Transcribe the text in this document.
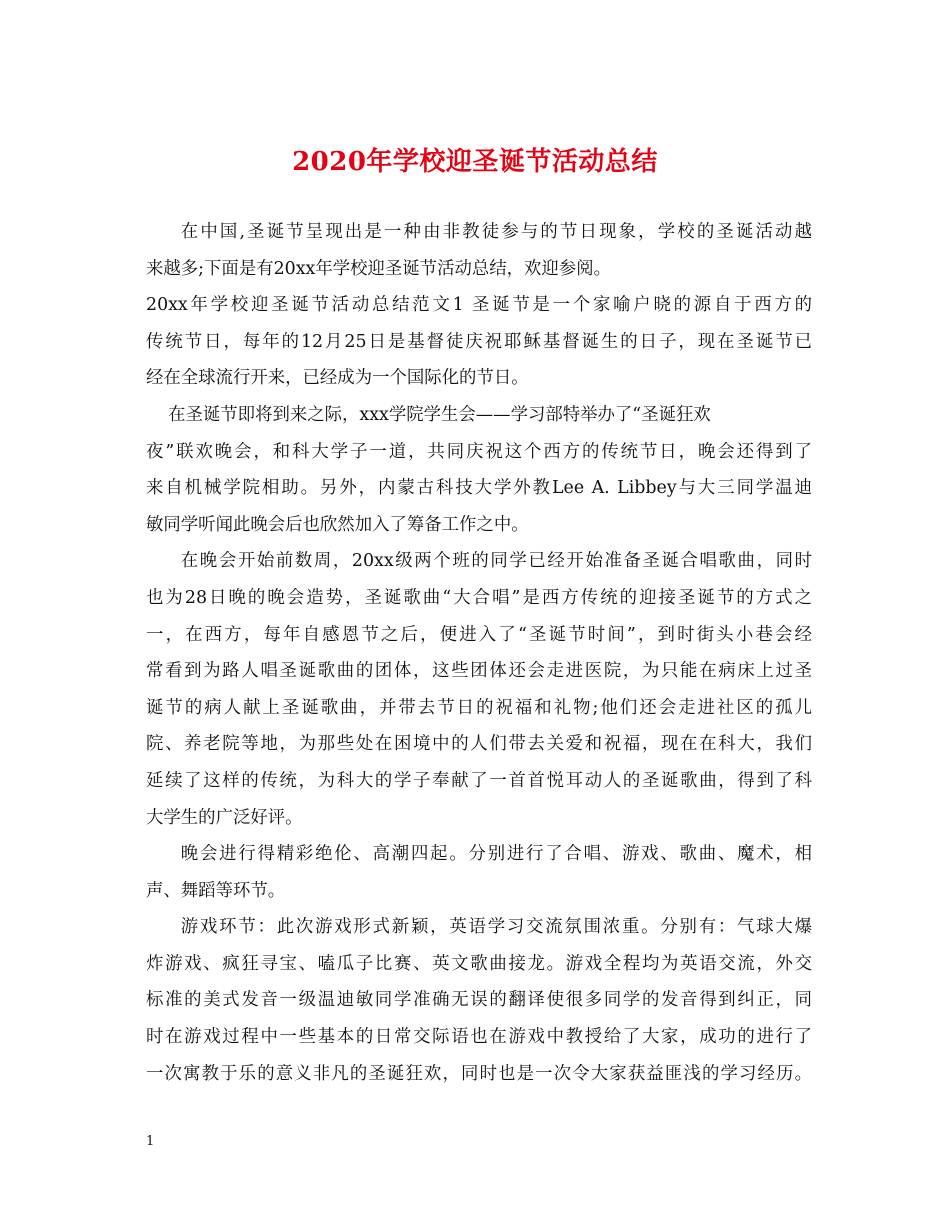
2020年学校迎圣诞节活动总结
在中国,圣诞节呈现出是一种由非教徒参与的节日现象，学校的圣诞活动越
来越多;下面是有20xx年学校迎圣诞节活动总结，欢迎参阅。
20xx年学校迎圣诞节活动总结范文1 圣诞节是一个家喻户晓的源自于西方的
传统节日，每年的12月25日是基督徒庆祝耶稣基督诞生的日子，现在圣诞节已
经在全球流行开来，已经成为一个国际化的节日。
在圣诞节即将到来之际，xxx学院学生会——学习部特举办了“圣诞狂欢
夜”联欢晚会，和科大学子一道，共同庆祝这个西方的传统节日，晚会还得到了
来自机械学院相助。另外，内蒙古科技大学外教Lee A. Libbey与大三同学温迪
敏同学听闻此晚会后也欣然加入了筹备工作之中。
在晚会开始前数周，20xx级两个班的同学已经开始准备圣诞合唱歌曲，同时
也为28日晚的晚会造势，圣诞歌曲“大合唱”是西方传统的迎接圣诞节的方式之
一，在西方，每年自感恩节之后，便进入了“圣诞节时间”，到时街头小巷会经
常看到为路人唱圣诞歌曲的团体，这些团体还会走进医院，为只能在病床上过圣
诞节的病人献上圣诞歌曲，并带去节日的祝福和礼物;他们还会走进社区的孤儿
院、养老院等地，为那些处在困境中的人们带去关爱和祝福，现在在科大，我们
延续了这样的传统，为科大的学子奉献了一首首悦耳动人的圣诞歌曲，得到了科
大学生的广泛好评。
晚会进行得精彩绝伦、高潮四起。分别进行了合唱、游戏、歌曲、魔术，相
声、舞蹈等环节。
游戏环节：此次游戏形式新颖，英语学习交流氛围浓重。分别有：气球大爆
炸游戏、疯狂寻宝、嗑瓜子比赛、英文歌曲接龙。游戏全程均为英语交流，外交
标准的美式发音一级温迪敏同学准确无误的翻译使很多同学的发音得到纠正，同
时在游戏过程中一些基本的日常交际语也在游戏中教授给了大家，成功的进行了
一次寓教于乐的意义非凡的圣诞狂欢，同时也是一次令大家获益匪浅的学习经历。
1
